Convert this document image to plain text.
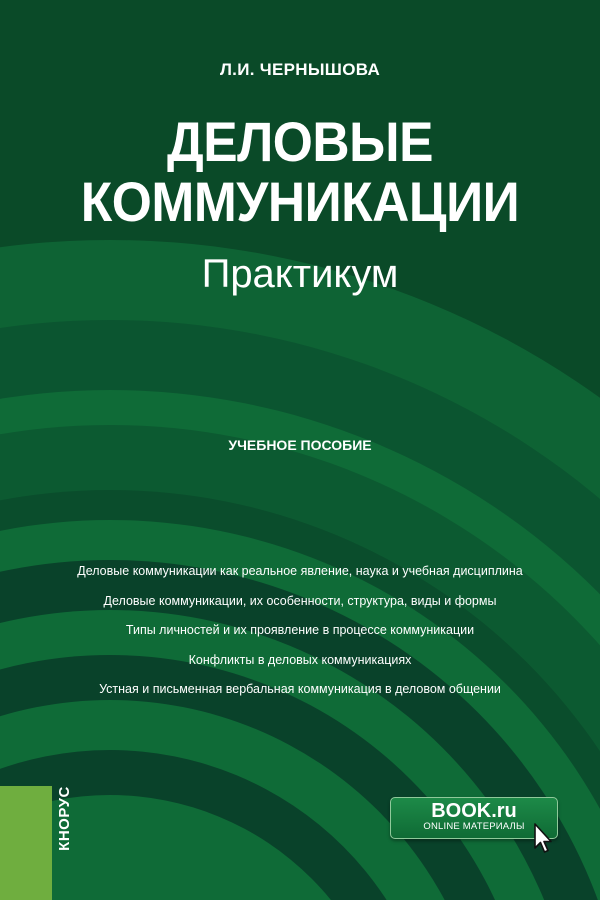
Л.И. ЧЕРНЫШОВА
ДЕЛОВЫЕ
КОММУНИКАЦИИ
Практикум
УЧЕБНОЕ ПОСОБИЕ
Деловые коммуникации как реальное явление, наука и учебная дисциплина
Деловые коммуникации, их особенности, структура, виды и формы
Типы личностей и их проявление в процессе коммуникации
Конфликты в деловых коммуникациях
Устная и письменная вербальная коммуникация в деловом общении
КНОРУС	BOOK.ru
ONLINE МАТЕРИАЛЫ
